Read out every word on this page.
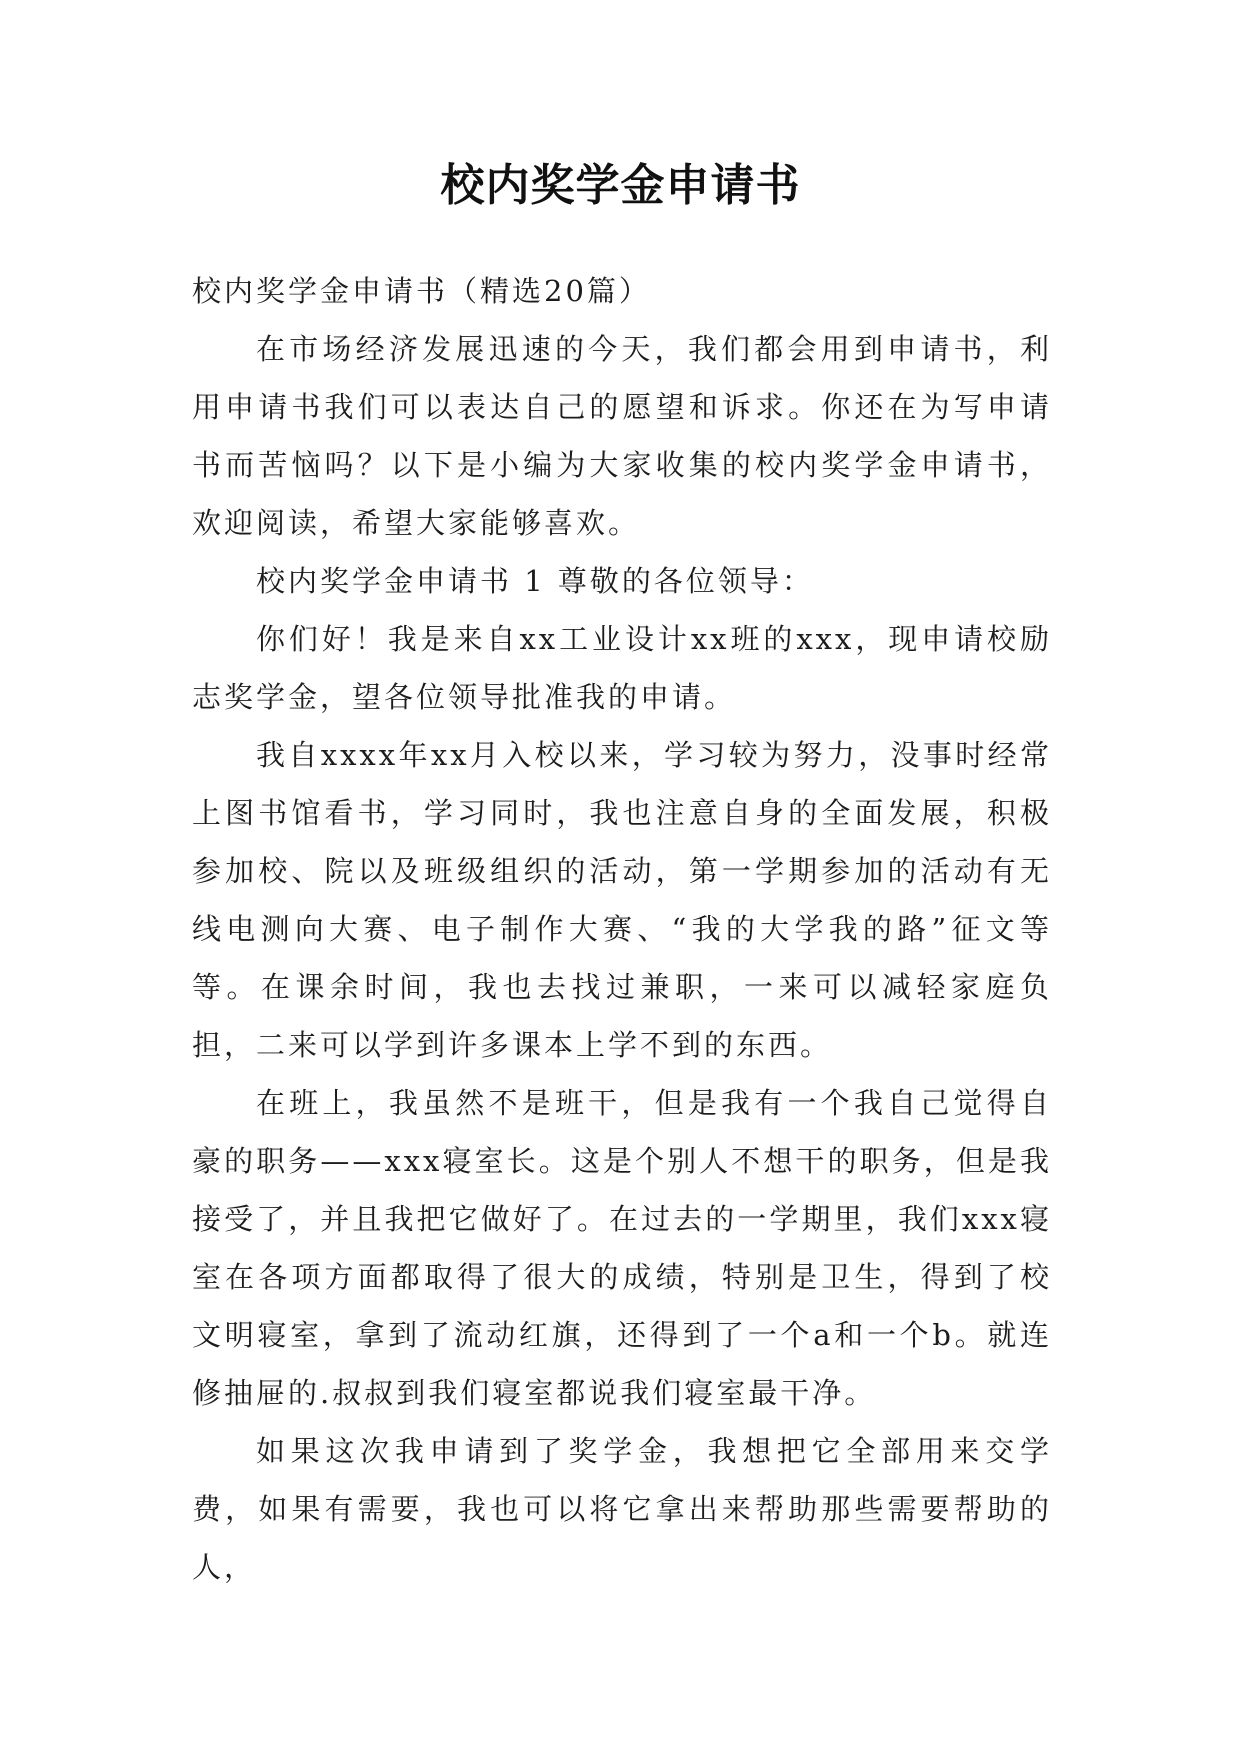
校内奖学金申请书

校内奖学金申请书（精选20篇）

在市场经济发展迅速的今天，我们都会用到申请书，利用申请书我们可以表达自己的愿望和诉求。你还在为写申请书而苦恼吗？以下是小编为大家收集的校内奖学金申请书，欢迎阅读，希望大家能够喜欢。

校内奖学金申请书 1 尊敬的各位领导：

你们好！我是来自xx工业设计xx班的xxx，现申请校励志奖学金，望各位领导批准我的申请。

我自xxxx年xx月入校以来，学习较为努力，没事时经常上图书馆看书，学习同时，我也注意自身的全面发展，积极参加校、院以及班级组织的活动，第一学期参加的活动有无线电测向大赛、电子制作大赛、“我的大学我的路”征文等等。在课余时间，我也去找过兼职，一来可以减轻家庭负担，二来可以学到许多课本上学不到的东西。

在班上，我虽然不是班干，但是我有一个我自己觉得自豪的职务——xxx寝室长。这是个别人不想干的职务，但是我接受了，并且我把它做好了。在过去的一学期里，我们xxx寝室在各项方面都取得了很大的成绩，特别是卫生，得到了校文明寝室，拿到了流动红旗，还得到了一个a和一个b。就连修抽屉的.叔叔到我们寝室都说我们寝室最干净。

如果这次我申请到了奖学金，我想把它全部用来交学费，如果有需要，我也可以将它拿出来帮助那些需要帮助的人，
